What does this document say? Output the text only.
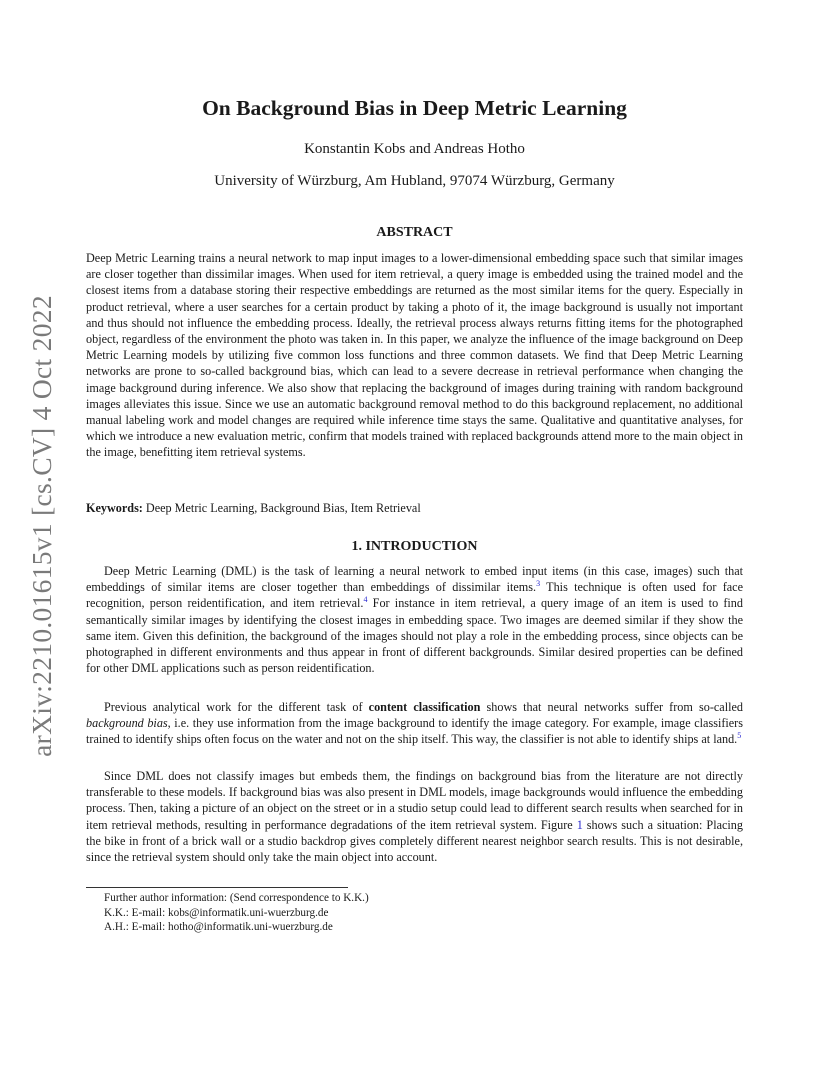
arXiv:2210.01615v1 [cs.CV] 4 Oct 2022
On Background Bias in Deep Metric Learning
Konstantin Kobs and Andreas Hotho
University of Würzburg, Am Hubland, 97074 Würzburg, Germany
ABSTRACT

Deep Metric Learning trains a neural network to map input images to a lower-dimensional embedding space such that similar images are closer together than dissimilar images. When used for item retrieval, a query image is embedded using the trained model and the closest items from a database storing their respective embeddings are returned as the most similar items for the query. Especially in product retrieval, where a user searches for a certain product by taking a photo of it, the image background is usually not important and thus should not influence the embedding process. Ideally, the retrieval process always returns fitting items for the photographed object, regardless of the environment the photo was taken in. In this paper, we analyze the influence of the image background on Deep Metric Learning models by utilizing five common loss functions and three common datasets. We find that Deep Metric Learning networks are prone to so-called background bias, which can lead to a severe decrease in retrieval performance when changing the image background during inference. We also show that replacing the background of images during training with random background images alleviates this issue. Since we use an automatic background removal method to do this background replacement, no additional manual labeling work and model changes are required while inference time stays the same. Qualitative and quantitative analyses, for which we introduce a new evaluation metric, confirm that models trained with replaced backgrounds attend more to the main object in the image, benefitting item retrieval systems.

Keywords: Deep Metric Learning, Background Bias, Item Retrieval

1. INTRODUCTION

Deep Metric Learning (DML) is the task of learning a neural network to embed input items (in this case, images) such that embeddings of similar items are closer together than embeddings of dissimilar items.$^3$ This technique is often used for face recognition, person reidentification, and item retrieval.$^4$ For instance in item retrieval, a query image of an item is used to find semantically similar images by identifying the closest images in embedding space. Two images are deemed similar if they show the same item. Given this definition, the background of the images should not play a role in the embedding process, since objects can be photographed in different environments and thus appear in front of different backgrounds. Similar desired properties can be defined for other DML applications such as person reidentification.

Previous analytical work for the different task of content classification shows that neural networks suffer from so-called background bias, i.e. they use information from the image background to identify the image category. For example, image classifiers trained to identify ships often focus on the water and not on the ship itself. This way, the classifier is not able to identify ships at land.$^5$

Since DML does not classify images but embeds them, the findings on background bias from the literature are not directly transferable to these models. If background bias was also present in DML models, image backgrounds would influence the embedding process. Then, taking a picture of an object on the street or in a studio setup could lead to different search results when searched for in item retrieval methods, resulting in performance degradations of the item retrieval system. Figure 1 shows such a situation: Placing the bike in front of a brick wall or a studio backdrop gives completely different nearest neighbor search results. This is not desirable, since the retrieval system should only take the main object into account.

Further author information: (Send correspondence to K.K.)
K.K.: E-mail: kobs@informatik.uni-wuerzburg.de
A.H.: E-mail: hotho@informatik.uni-wuerzburg.de
